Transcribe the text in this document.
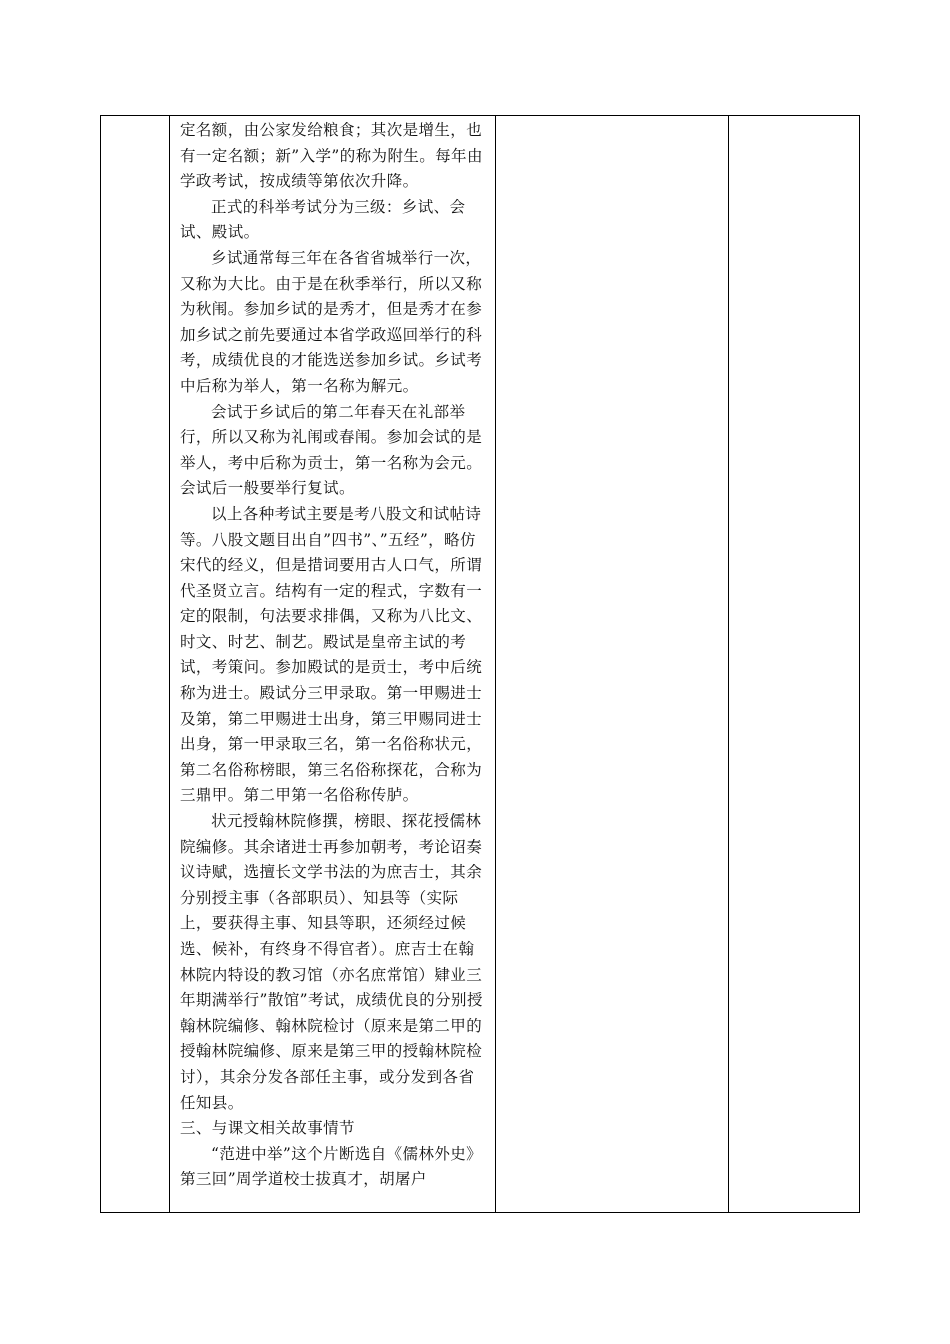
定名额，由公家发给粮食；其次是增生，也有一定名额；新”入学”的称为附生。每年由学政考试，按成绩等第依次升降。

正式的科举考试分为三级：乡试、会试、殿试。

乡试通常每三年在各省省城举行一次，又称为大比。由于是在秋季举行，所以又称为秋闱。参加乡试的是秀才，但是秀才在参加乡试之前先要通过本省学政巡回举行的科考，成绩优良的才能选送参加乡试。乡试考中后称为举人，第一名称为解元。

会试于乡试后的第二年春天在礼部举行，所以又称为礼闱或春闱。参加会试的是举人，考中后称为贡士，第一名称为会元。会试后一般要举行复试。

以上各种考试主要是考八股文和试帖诗等。八股文题目出自”四书”、”五经”，略仿宋代的经义，但是措词要用古人口气，所谓代圣贤立言。结构有一定的程式，字数有一定的限制，句法要求排偶，又称为八比文、时文、时艺、制艺。殿试是皇帝主试的考试，考策问。参加殿试的是贡士，考中后统称为进士。殿试分三甲录取。第一甲赐进士及第，第二甲赐进士出身，第三甲赐同进士出身，第一甲录取三名，第一名俗称状元，第二名俗称榜眼，第三名俗称探花，合称为三鼎甲。第二甲第一名俗称传胪。

状元授翰林院修撰，榜眼、探花授儒林院编修。其余诸进士再参加朝考，考论诏奏议诗赋，选擅长文学书法的为庶吉士，其余分别授主事（各部职员）、知县等（实际上，要获得主事、知县等职，还须经过候选、候补，有终身不得官者）。庶吉士在翰林院内特设的教习馆（亦名庶常馆）肄业三年期满举行”散馆”考试，成绩优良的分别授翰林院编修、翰林院检讨（原来是第二甲的授翰林院编修、原来是第三甲的授翰林院检讨），其余分发各部任主事，或分发到各省任知县。

三、与课文相关故事情节

“范进中举”这个片断选自《儒林外史》第三回”周学道校士拔真才，胡屠户
